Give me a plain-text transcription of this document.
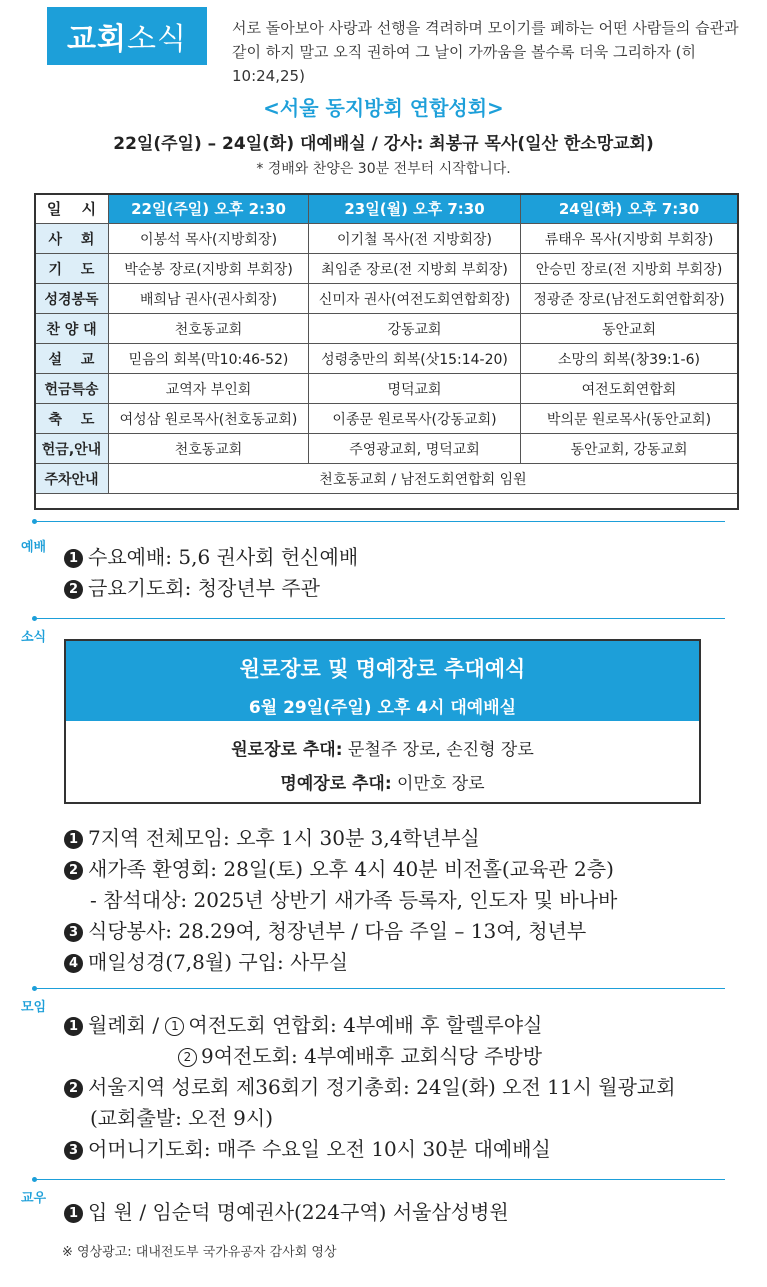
교회 소식	서로 돌아보아 사랑과 선행을 격려하며 모이기를 폐하는 어떤 사람들의 습관과
같이 하지 말고 오직 권하여 그 날이 가까움을 볼수록 더욱 그리하자 (히10:24,25)
<서울 동지방회 연합성회>
22일(주일) – 24일(화) 대예배실 / 강사: 최봉규 목사(일산 한소망교회)
* 경배와 찬양은 30분 전부터 시작합니다.
일　 시	22일(주일) 오후 2:30	23일(월) 오후 7:30	24일(화) 오후 7:30
사　 회	이봉석 목사(지방회장)	이기철 목사(전 지방회장)	류태우 목사(지방회 부회장)
기　 도	박순봉 장로(지방회 부회장)	최임준 장로(전 지방회 부회장)	안승민 장로(전 지방회 부회장)
성경봉독	배희남 권사(권사회장)	신미자 권사(여전도회연합회장)	정광준 장로(남전도회연합회장)
찬 양 대	천호동교회	강동교회	동안교회
설　 교	믿음의 회복(막10:46-52)	성령충만의 회복(삿15:14-20)	소망의 회복(창39:1-6)
헌금특송	교역자 부인회	명덕교회	여전도회연합회
축　 도	여성삼 원로목사(천호동교회)	이종문 원로목사(강동교회)	박의문 원로목사(동안교회)
헌금,안내	천호동교회	주영광교회, 명덕교회	동안교회, 강동교회
주차안내	천호동교회 / 남전도회연합회 임원		
예배
1 수요예배: 5,6 권사회 헌신예배
2 금요기도회: 청장년부 주관
소식
원로장로 및 명예장로 추대예식
6월 29일(주일) 오후 4시 대예배실
원로장로 추대: 문철주 장로, 손진형 장로
명예장로 추대: 이만호 장로
1 7지역 전체모임: 오후 1시 30분 3,4학년부실
2 새가족 환영회: 28일(토) 오후 4시 40분 비전홀(교육관 2층)
- 참석대상: 2025년 상반기 새가족 등록자, 인도자 및 바나바
3 식당봉사: 28.29여, 청장년부 / 다음 주일 – 13여, 청년부
4 매일성경(7,8월) 구입: 사무실
모임
1 월례회 / 1 여전도회 연합회: 4부예배 후 할렐루야실
2 9여전도회: 4부예배후 교회식당 주방방
2 서울지역 성로회 제36회기 정기총회: 24일(화) 오전 11시 월광교회
(교회출발: 오전 9시)
3 어머니기도회: 매주 수요일 오전 10시 30분 대예배실
교우
1 입 원 / 임순덕 명예권사(224구역) 서울삼성병원
※ 영상광고: 대내전도부 국가유공자 감사회 영상
